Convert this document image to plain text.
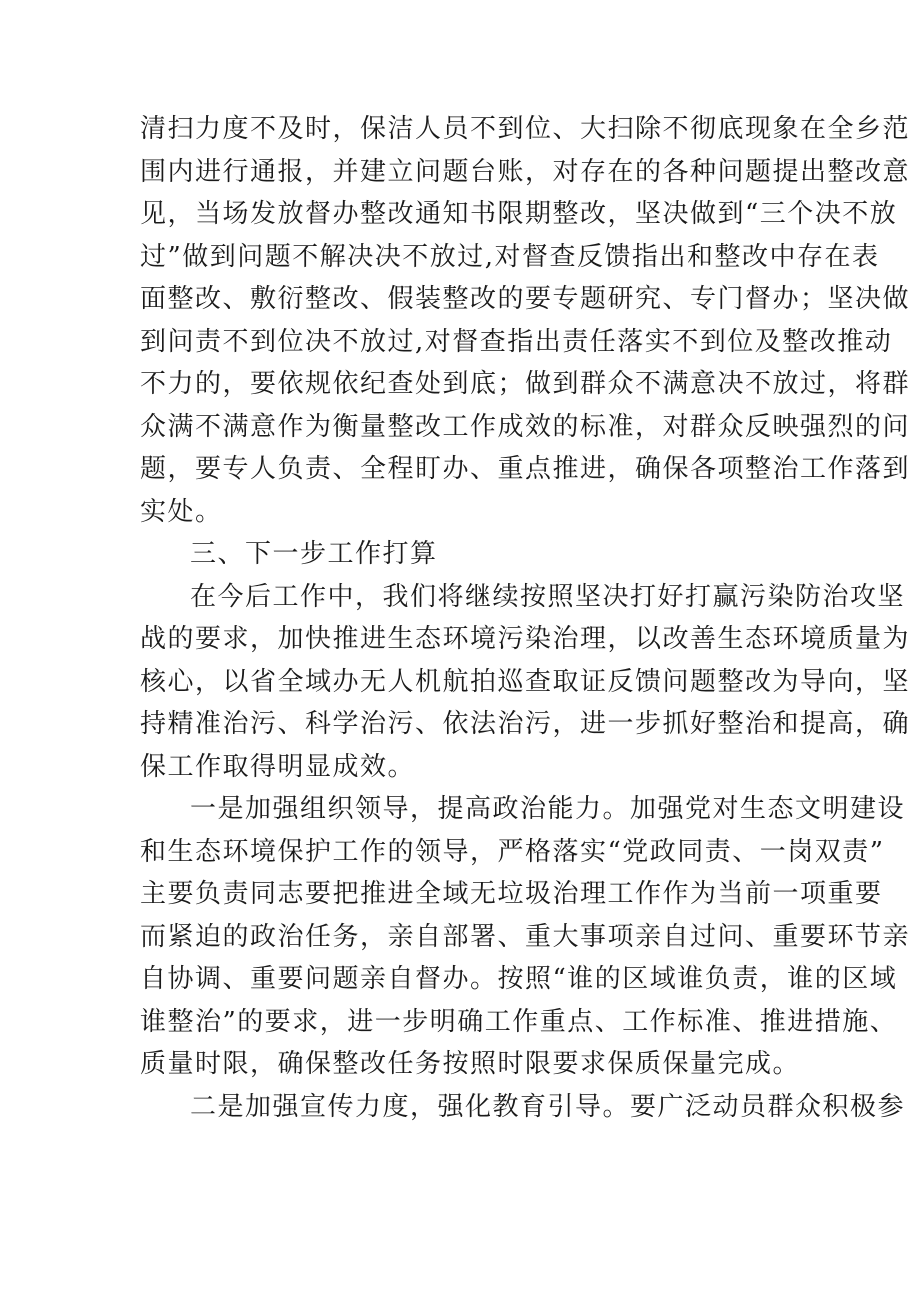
清扫力度不及时，保洁人员不到位、大扫除不彻底现象在全乡范

围内进行通报，并建立问题台账，对存在的各种问题提出整改意

见，当场发放督办整改通知书限期整改，坚决做到“三个决不放

过”做到问题不解决决不放过,对督查反馈指出和整改中存在表

面整改、敷衍整改、假装整改的要专题研究、专门督办；坚决做

到问责不到位决不放过,对督查指出责任落实不到位及整改推动

不力的，要依规依纪查处到底；做到群众不满意决不放过，将群

众满不满意作为衡量整改工作成效的标准，对群众反映强烈的问

题，要专人负责、全程盯办、重点推进，确保各项整治工作落到

实处。

三、下一步工作打算

在今后工作中，我们将继续按照坚决打好打赢污染防治攻坚

战的要求，加快推进生态环境污染治理，以改善生态环境质量为

核心，以省全域办无人机航拍巡查取证反馈问题整改为导向，坚

持精准治污、科学治污、依法治污，进一步抓好整治和提高，确

保工作取得明显成效。

一是加强组织领导，提高政治能力。加强党对生态文明建设

和生态环境保护工作的领导，严格落实“党政同责、一岗双责”

主要负责同志要把推进全域无垃圾治理工作作为当前一项重要

而紧迫的政治任务，亲自部署、重大事项亲自过问、重要环节亲

自协调、重要问题亲自督办。按照“谁的区域谁负责，谁的区域

谁整治”的要求，进一步明确工作重点、工作标准、推进措施、

质量时限，确保整改任务按照时限要求保质保量完成。

二是加强宣传力度，强化教育引导。要广泛动员群众积极参
